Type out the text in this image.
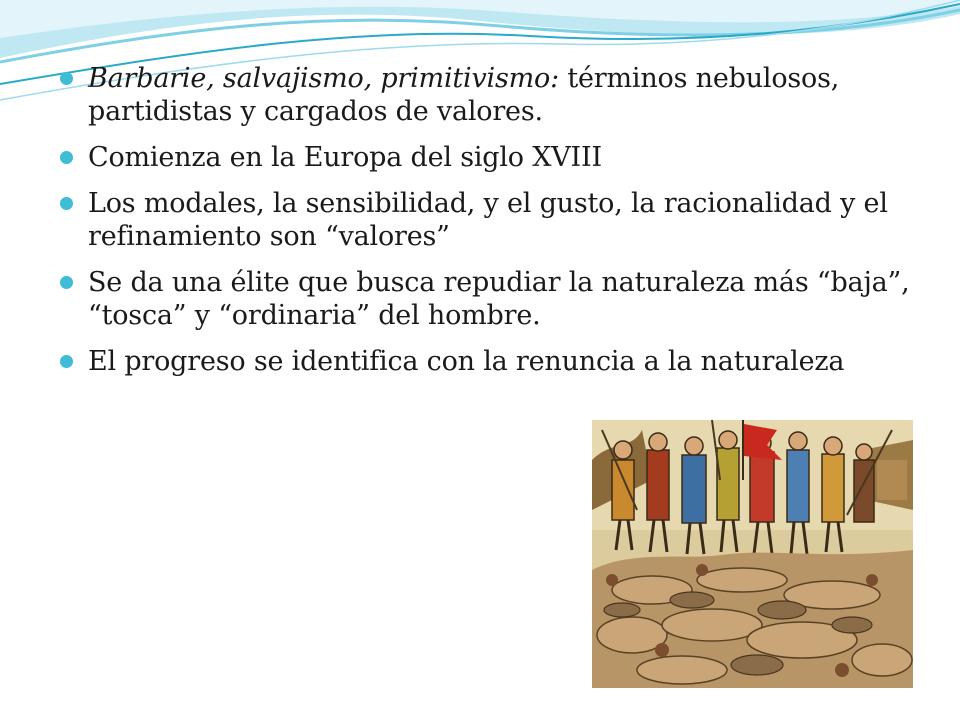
Barbarie, salvajismo, primitivismo: términos nebulosos, partidistas y cargados de valores.
Comienza en la Europa del siglo XVIII
Los modales, la sensibilidad, y el gusto, la racionalidad y el refinamiento son “valores”
Se da una élite que busca repudiar la naturaleza más “baja”, “tosca” y “ordinaria” del hombre.
El progreso se identifica con la renuncia a la naturaleza
